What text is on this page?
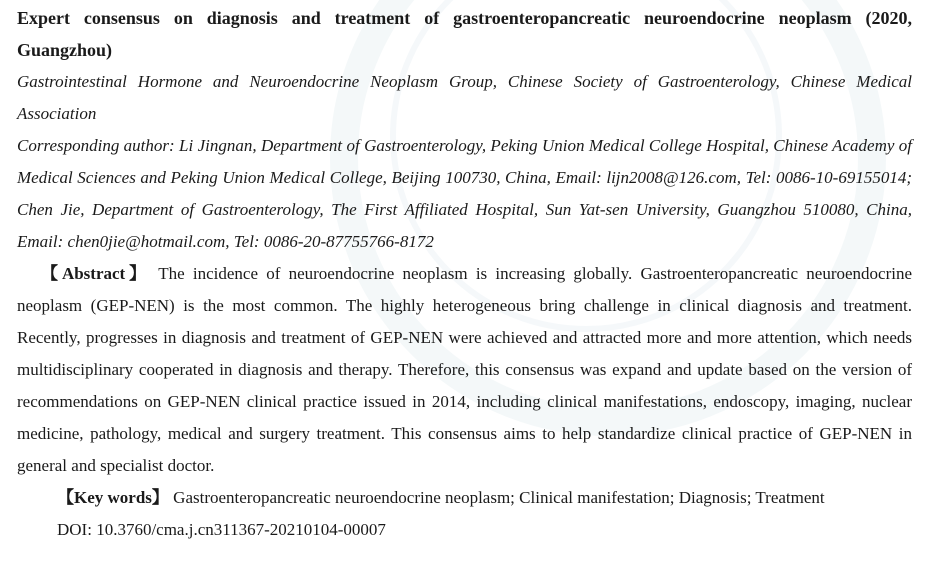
Expert consensus on diagnosis and treatment of gastroenteropancreatic neuroendocrine neoplasm (2020, Guangzhou)

Gastrointestinal Hormone and Neuroendocrine Neoplasm Group, Chinese Society of Gastroenterology, Chinese Medical Association

Corresponding author: Li Jingnan, Department of Gastroenterology, Peking Union Medical College Hospital, Chinese Academy of Medical Sciences and Peking Union Medical College, Beijing 100730, China, Email: lijn2008@126.com, Tel: 0086-10-69155014; Chen Jie, Department of Gastroenterology, The First Affiliated Hospital, Sun Yat-sen University, Guangzhou 510080, China, Email: chen0jie@hotmail.com, Tel: 0086-20-87755766-8172

【Abstract】 The incidence of neuroendocrine neoplasm is increasing globally. Gastroenteropancreatic neuroendocrine neoplasm (GEP-NEN) is the most common. The highly heterogeneous bring challenge in clinical diagnosis and treatment. Recently, progresses in diagnosis and treatment of GEP-NEN were achieved and attracted more and more attention, which needs multidisciplinary cooperated in diagnosis and therapy. Therefore, this consensus was expand and update based on the version of recommendations on GEP-NEN clinical practice issued in 2014, including clinical manifestations, endoscopy, imaging, nuclear medicine, pathology, medical and surgery treatment. This consensus aims to help standardize clinical practice of GEP-NEN in general and specialist doctor.

【Key words】 Gastroenteropancreatic neuroendocrine neoplasm; Clinical manifestation; Diagnosis; Treatment

DOI: 10.3760/cma.j.cn311367-20210104-00007
